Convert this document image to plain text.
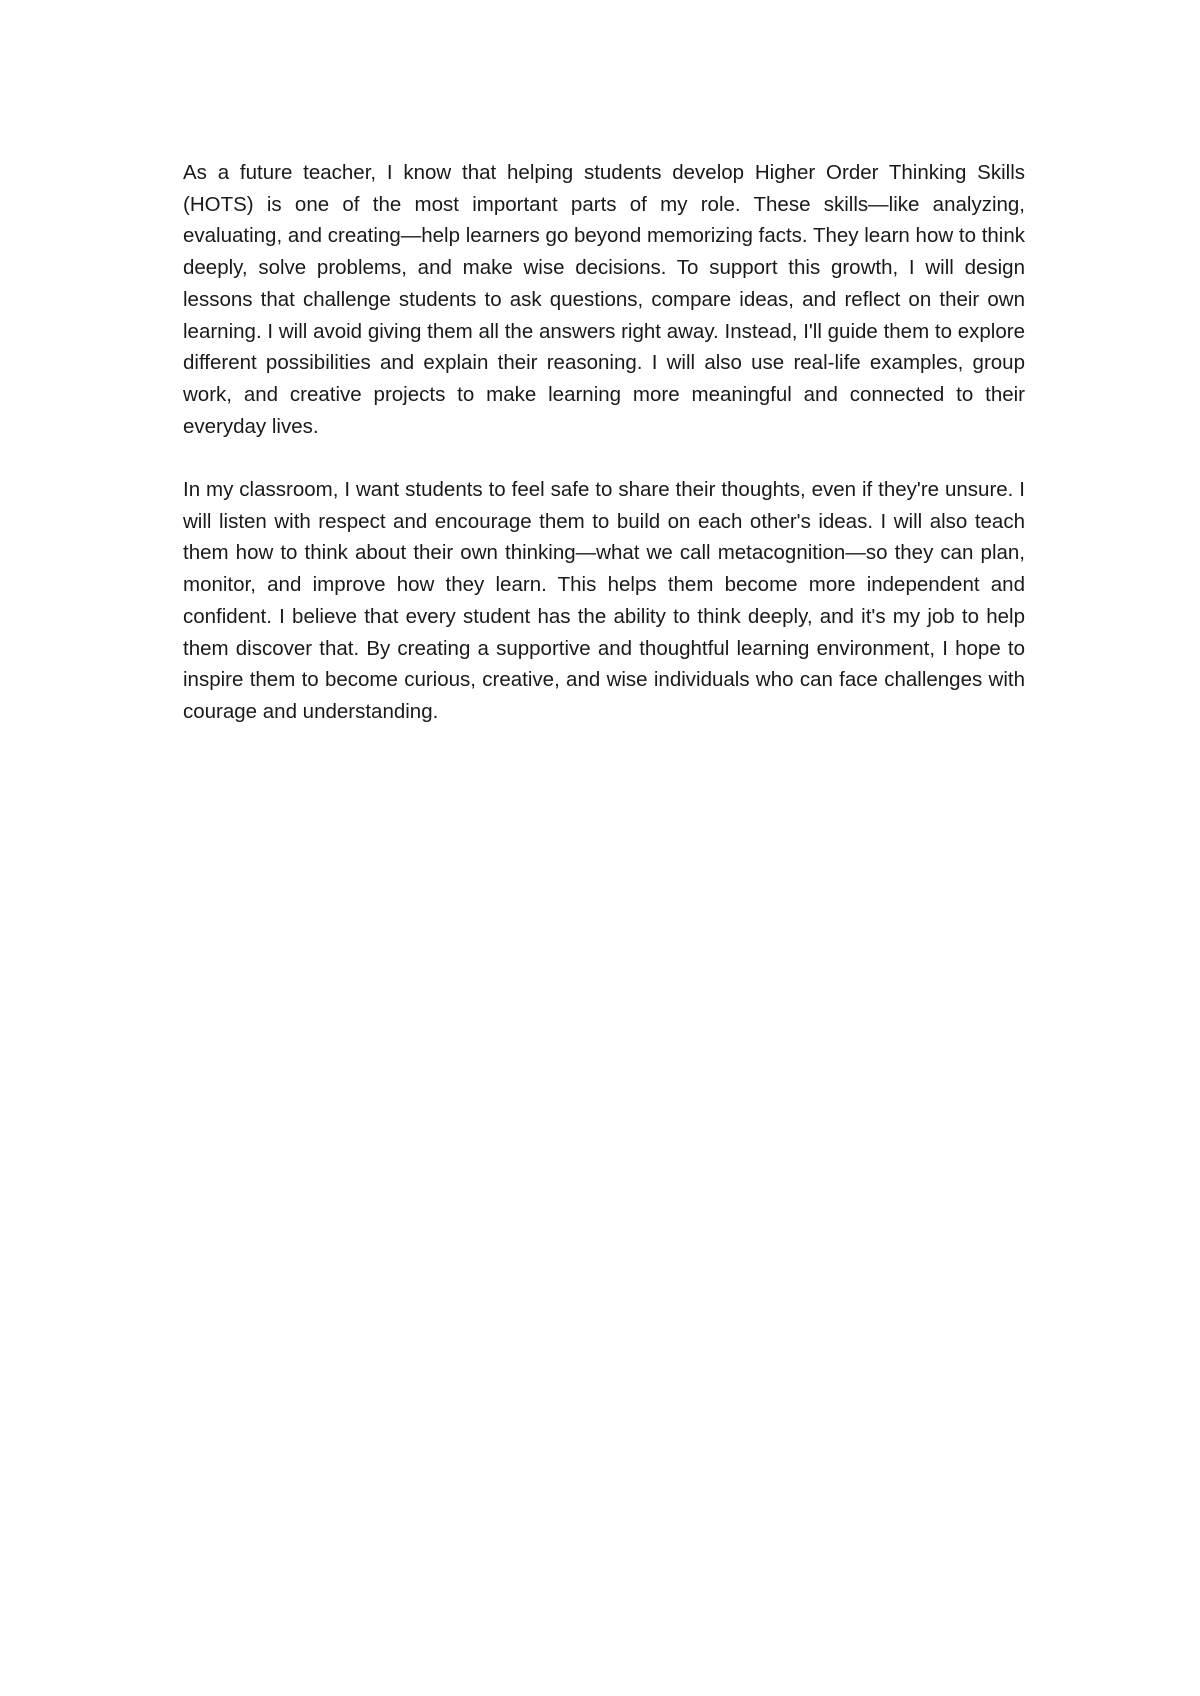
As a future teacher, I know that helping students develop Higher Order Thinking Skills (HOTS) is one of the most important parts of my role. These skills—like analyzing, evaluating, and creating—help learners go beyond memorizing facts. They learn how to think deeply, solve problems, and make wise decisions. To support this growth, I will design lessons that challenge students to ask questions, compare ideas, and reflect on their own learning. I will avoid giving them all the answers right away. Instead, I'll guide them to explore different possibilities and explain their reasoning. I will also use real-life examples, group work, and creative projects to make learning more meaningful and connected to their everyday lives.

In my classroom, I want students to feel safe to share their thoughts, even if they're unsure. I will listen with respect and encourage them to build on each other's ideas. I will also teach them how to think about their own thinking—what we call metacognition—so they can plan, monitor, and improve how they learn. This helps them become more independent and confident. I believe that every student has the ability to think deeply, and it's my job to help them discover that. By creating a supportive and thoughtful learning environment, I hope to inspire them to become curious, creative, and wise individuals who can face challenges with courage and understanding.
